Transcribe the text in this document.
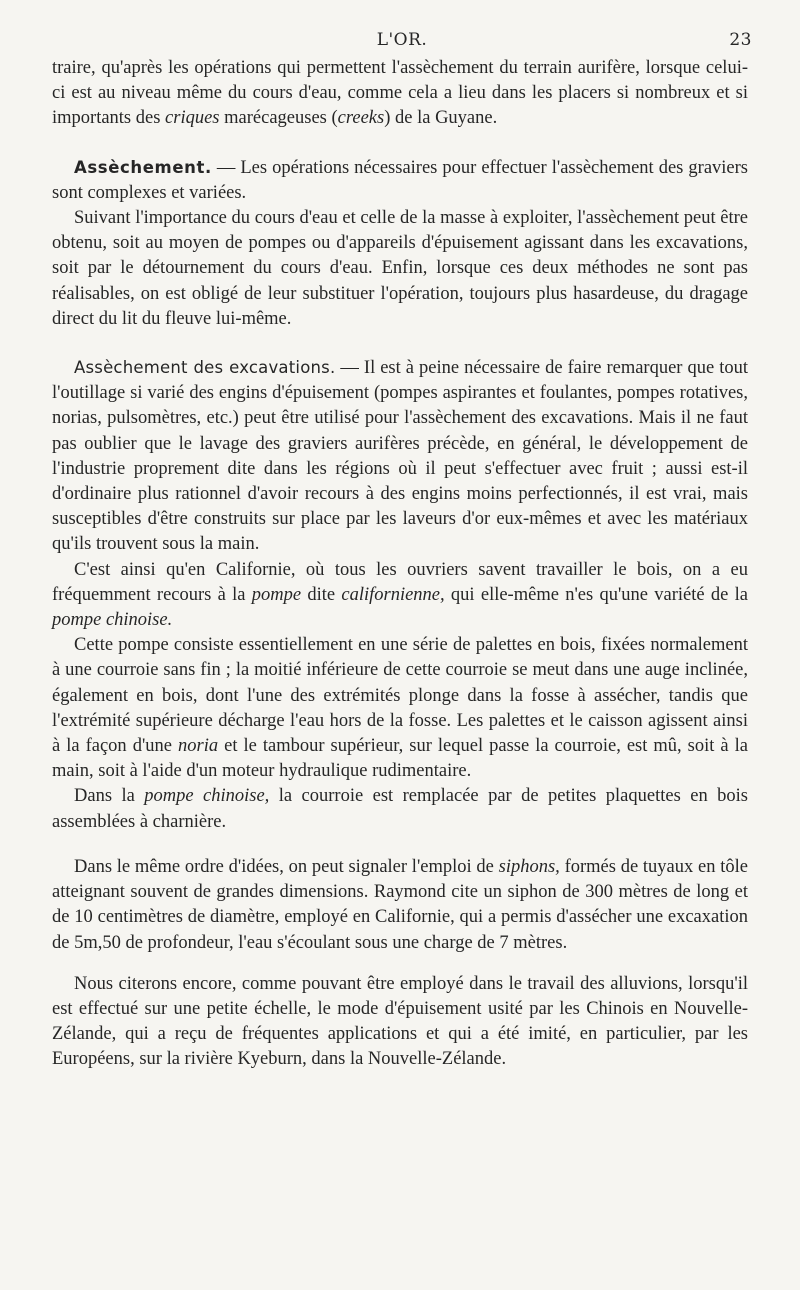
L'OR.	23

traire, qu'après les opérations qui permettent l'assèchement du terrain aurifère, lorsque celui-ci est au niveau même du cours d'eau, comme cela a lieu dans les placers si nombreux et si importants des criques marécageuses (creeks) de la Guyane.

Assèchement. — Les opérations nécessaires pour effectuer l'assèchement des graviers sont complexes et variées.

Suivant l'importance du cours d'eau et celle de la masse à exploiter, l'assèchement peut être obtenu, soit au moyen de pompes ou d'appareils d'épuisement agissant dans les excavations, soit par le détournement du cours d'eau. Enfin, lorsque ces deux méthodes ne sont pas réalisables, on est obligé de leur substituer l'opération, toujours plus hasardeuse, du dragage direct du lit du fleuve lui-même.

Assèchement des excavations. — Il est à peine nécessaire de faire remarquer que tout l'outillage si varié des engins d'épuisement (pompes aspirantes et foulantes, pompes rotatives, norias, pulsomètres, etc.) peut être utilisé pour l'assèchement des excavations. Mais il ne faut pas oublier que le lavage des graviers aurifères précède, en général, le développement de l'industrie proprement dite dans les régions où il peut s'effectuer avec fruit ; aussi est-il d'ordinaire plus rationnel d'avoir recours à des engins moins perfectionnés, il est vrai, mais susceptibles d'être construits sur place par les laveurs d'or eux-mêmes et avec les matériaux qu'ils trouvent sous la main.

C'est ainsi qu'en Californie, où tous les ouvriers savent travailler le bois, on a eu fréquemment recours à la pompe dite californienne, qui elle-même n'es qu'une variété de la pompe chinoise.

Cette pompe consiste essentiellement en une série de palettes en bois, fixées normalement à une courroie sans fin ; la moitié inférieure de cette courroie se meut dans une auge inclinée, également en bois, dont l'une des extrémités plonge dans la fosse à assécher, tandis que l'extrémité supérieure décharge l'eau hors de la fosse. Les palettes et le caisson agissent ainsi à la façon d'une noria et le tambour supérieur, sur lequel passe la courroie, est mû, soit à la main, soit à l'aide d'un moteur hydraulique rudimentaire.

Dans la pompe chinoise, la courroie est remplacée par de petites plaquettes en bois assemblées à charnière.

Dans le même ordre d'idées, on peut signaler l'emploi de siphons, formés de tuyaux en tôle atteignant souvent de grandes dimensions. Raymond cite un siphon de 300 mètres de long et de 10 centimètres de diamètre, employé en Californie, qui a permis d'assécher une excaxation de 5m,50 de profondeur, l'eau s'écoulant sous une charge de 7 mètres.

Nous citerons encore, comme pouvant être employé dans le travail des alluvions, lorsqu'il est effectué sur une petite échelle, le mode d'épuisement usité par les Chinois en Nouvelle-Zélande, qui a reçu de fréquentes applications et qui a été imité, en particulier, par les Européens, sur la rivière Kyeburn, dans la Nouvelle-Zélande.
